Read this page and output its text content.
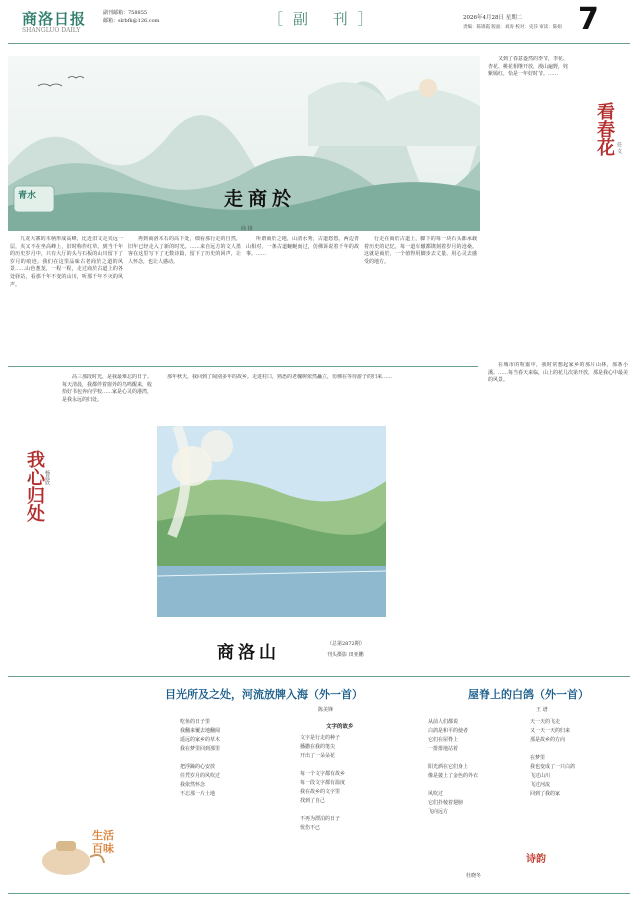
商洛日报
SHANGLUO DAILY
副刊邮箱：758855
邮箱：slrbfk@126.com	［副 刊］	2026年4月28日 星期二 7
责编：陈锦霞 版面：刘涛 校对：史莎 审读：陈娟
走商於
商 扬
青水
九龙大寨的木柄形成高峰，比近旧文走夹远一层，夹又不在坐高峰上，旧时称作红草，到当千年的历史岁月中，只有大厅的头与石板的山川留下了岁月的痕迹。我们在这里品味古老商於之道的风景……山色葱茏，一程一程，走过商於古道上的各处驿站，看那千年不变的山川，听那千年不灭的风声。
再到商洛木石的高下处，细看那行走的自然，旧年已经走入了新的时光。……来自远方的文人墨客在这里写下了无数诗篇，留下了历史的回声，让人怀念，也让人感动。
所谓商於之地，山清水秀，古道悠悠。两边青山相对，一条古道蜿蜒而过，仿佛诉说着千年的故事。……
行走在商於古道上，脚下的每一块石头都承载着历史的记忆，每一道车辙都镌刻着岁月的沧桑。这就是商於，一个值得用脚步去丈量、用心灵去感受的地方。
又到了春意盎然的季节，李花、杏花、桃花相继开放，漫山遍野，姹紫嫣红，恰是一年好时节。……
看春花 任 文
在城市的喧嚣中，我时常想起家乡的那片山林，那条小溪。……每当春天来临，山上的花儿次第开放，那是我心中最美的风景。
我心归处 杨晨欣
高三那段时光，是我最难忘的日子。每天清晨，我都伴着窗外的鸟鸣醒来，收拾好书包奔向学校……家是心灵的港湾，是我永远的归处。
那年秋天，我回到了阔别多年的故乡。走进村口，熟悉的老槐树依然矗立，仿佛在等待游子的归来……
商洛山	（总第2872期）
刊头摄影 田亚鹏
目光所及之处，河流放牌入海（外一首）
陈美锋
吃鱼的日子里
我翻来覆去地翻阅
遥远的家乡的草木
我在梦里回到那里

把浮躁的心安放
任凭岁月的风吹过
我依然怀念
不忘那一片土地
文字的故乡
文字是行走的种子
播撒在我的笔尖
开出了一朵朵花

每一个文字都有故乡
每一段文字都有温度
我在故乡的文字里
找到了自己

不再为漂泊的日子
忧伤不已
屋脊上的白鸽（外一首）
王 谱
从前人们都说
白鸽是和平的使者
它们在屋脊上
一排排地站着

阳光洒在它们身上
像是披上了金色的外衣

风吹过
它们扑棱着翅膀
飞向远方
天一天的飞走
又一天一天的归来
那是故乡的方向

在梦里
我也变成了一只白鸽
飞过山川
飞过河流
回到了我的家
杜晓冬
生活
百味
诗韵
